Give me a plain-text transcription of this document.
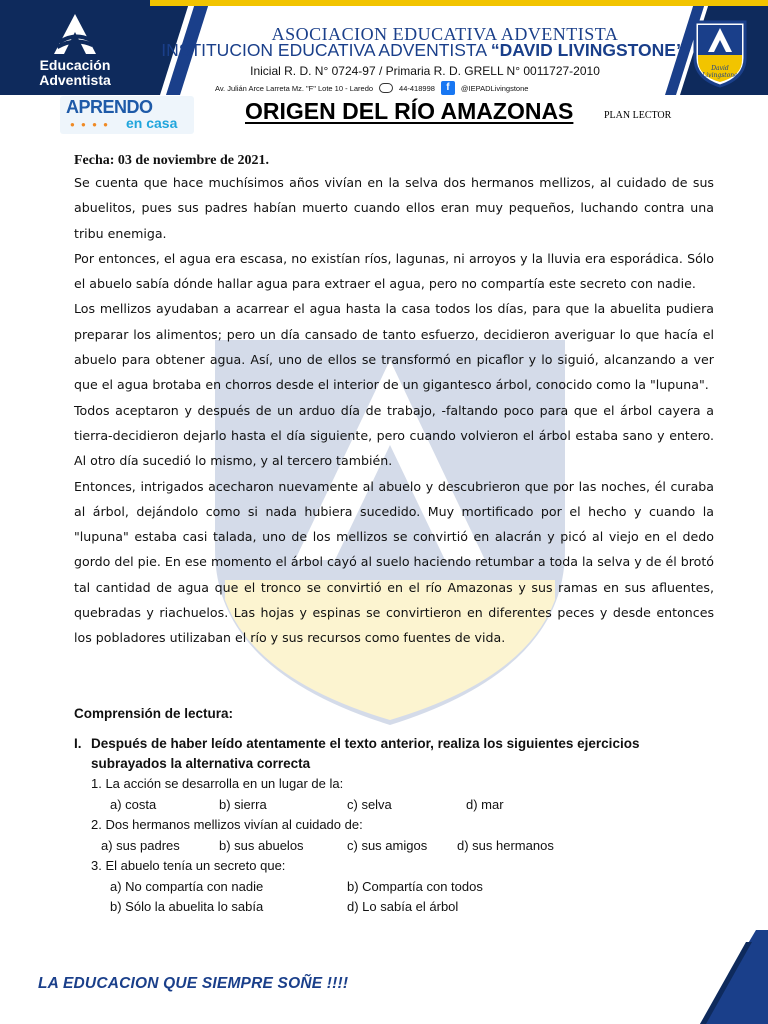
Educación
Adventista
ASOCIACION EDUCATIVA ADVENTISTA
INSTITUCION EDUCATIVA ADVENTISTA “DAVID LIVINGSTONE”
Inicial R. D. N° 0724-97 / Primaria R. D. GRELL N° 0011727-2010
Av. Julián Arce Larreta Mz. "F" Lote 10 - Laredo	44-418998	f	@IEPADLivingstone
David
Livingstone
APRENDO
● ● ● ● en casa	ORIGEN DEL RÍO AMAZONAS	PLAN LECTOR
Fecha: 03 de noviembre de 2021.

Se cuenta que hace muchísimos años vivían en la selva dos hermanos mellizos, al cuidado de sus abuelitos, pues sus padres habían muerto cuando ellos eran muy pequeños, luchando contra una tribu enemiga.

Por entonces, el agua era escasa, no existían ríos, lagunas, ni arroyos y la lluvia era esporádica. Sólo el abuelo sabía dónde hallar agua para extraer el agua, pero no compartía este secreto con nadie.

Los mellizos ayudaban a acarrear el agua hasta la casa todos los días, para que la abuelita pudiera preparar los alimentos; pero un día cansado de tanto esfuerzo, decidieron averiguar lo que hacía el abuelo para obtener agua. Así, uno de ellos se transformó en picaflor y lo siguió, alcanzando a ver que el agua brotaba en chorros desde el interior de un gigantesco árbol, conocido como la "lupuna".

Todos aceptaron y después de un arduo día de trabajo, -faltando poco para que el árbol cayera a tierra-decidieron dejarlo hasta el día siguiente, pero cuando volvieron el árbol estaba sano y entero. Al otro día sucedió lo mismo, y al tercero también.

Entonces, intrigados acecharon nuevamente al abuelo y descubrieron que por las noches, él curaba al árbol, dejándolo como si nada hubiera sucedido. Muy mortificado por el hecho y cuando la "lupuna" estaba casi talada, uno de los mellizos se convirtió en alacrán y picó al viejo en el dedo gordo del pie. En ese momento el árbol cayó al suelo haciendo retumbar a toda la selva y de él brotó tal cantidad de agua que el tronco se convirtió en el río Amazonas y sus ramas en sus afluentes, quebradas y riachuelos. Las hojas y espinas se convirtieron en diferentes peces y desde entonces los pobladores utilizaban el río y sus recursos como fuentes de vida.

Comprensión de lectura:
I. Después de haber leído atentamente el texto anterior, realiza los siguientes ejercicios subrayados la alternativa correcta
1. La acción se desarrolla en un lugar de la:
a) costa	b) sierra	c) selva	d) mar
2. Dos hermanos mellizos vivían al cuidado de:
a) sus padres	b) sus abuelos	c) sus amigos d) sus hermanos
3. El abuelo tenía un secreto que:
a) No compartía con nadie	b) Compartía con todos
b) Sólo la abuelita lo sabía	d) Lo sabía el árbol
LA EDUCACION QUE SIEMPRE SOÑE !!!!
